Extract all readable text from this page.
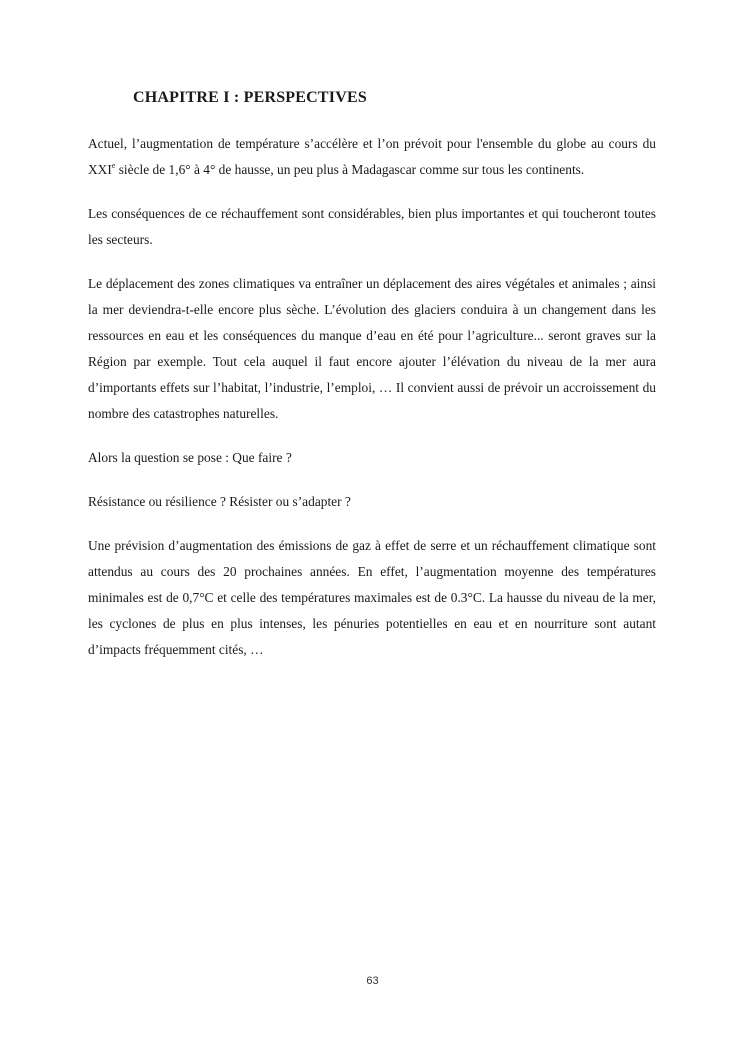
CHAPITRE I : PERSPECTIVES

Actuel, l’augmentation de température s’accélère et l’on prévoit pour l'ensemble du globe au cours du XXIe siècle de 1,6° à 4° de hausse, un peu plus à Madagascar comme sur tous les continents.

Les conséquences de ce réchauffement sont considérables, bien plus importantes et qui toucheront toutes les secteurs.

Le déplacement des zones climatiques va entraîner un déplacement des aires végétales et animales ; ainsi la mer deviendra-t-elle encore plus sèche. L’évolution des glaciers conduira à un changement dans les ressources en eau et les conséquences du manque d’eau en été pour l’agriculture... seront graves sur la Région par exemple. Tout cela auquel il faut encore ajouter l’élévation du niveau de la mer aura d’importants effets sur l’habitat, l’industrie, l’emploi, … Il convient aussi de prévoir un accroissement du nombre des catastrophes naturelles.

Alors la question se pose : Que faire ?

Résistance ou résilience ? Résister ou s’adapter ?

Une prévision d’augmentation des émissions de gaz à effet de serre et un réchauffement climatique sont attendus au cours des 20 prochaines années. En effet, l’augmentation moyenne des températures minimales est de 0,7°C et celle des températures maximales est de 0.3°C. La hausse du niveau de la mer, les cyclones de plus en plus intenses, les pénuries potentielles en eau et en nourriture sont autant d’impacts fréquemment cités, …

63
